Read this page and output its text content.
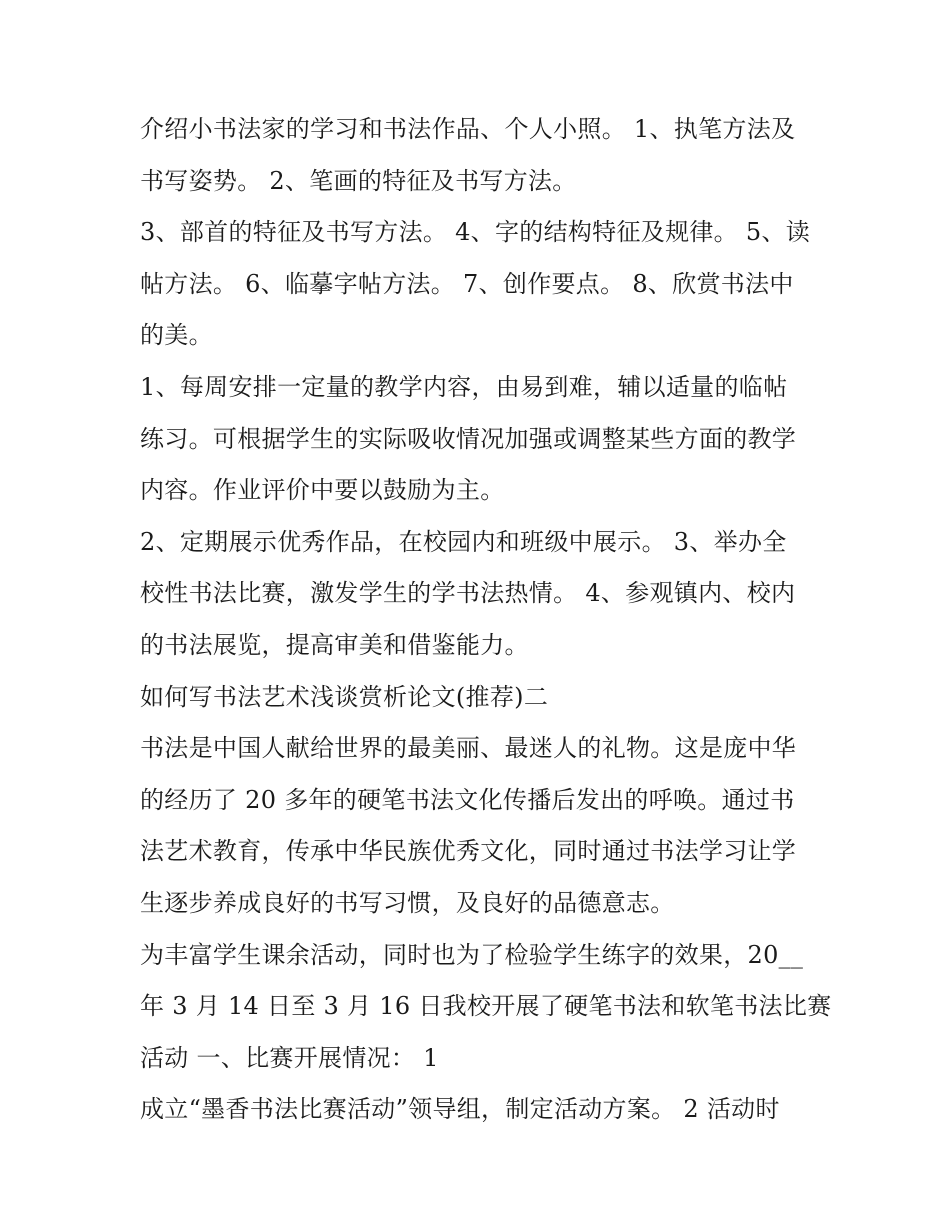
介绍小书法家的学习和书法作品、个人小照。 1、执笔方法及
书写姿势。 2、笔画的特征及书写方法。
3、部首的特征及书写方法。 4、字的结构特征及规律。 5、读
帖方法。 6、临摹字帖方法。 7、创作要点。 8、欣赏书法中
的美。
1、每周安排一定量的教学内容，由易到难，辅以适量的临帖
练习。可根据学生的实际吸收情况加强或调整某些方面的教学
内容。作业评价中要以鼓励为主。
2、定期展示优秀作品，在校园内和班级中展示。 3、举办全
校性书法比赛，激发学生的学书法热情。 4、参观镇内、校内
的书法展览，提高审美和借鉴能力。
如何写书法艺术浅谈赏析论文(推荐)二
书法是中国人献给世界的最美丽、最迷人的礼物。这是庞中华
的经历了 20 多年的硬笔书法文化传播后发出的呼唤。通过书
法艺术教育，传承中华民族优秀文化，同时通过书法学习让学
生逐步养成良好的书写习惯，及良好的品德意志。
为丰富学生课余活动，同时也为了检验学生练字的效果，20__
年 3 月 14 日至 3 月 16 日我校开展了硬笔书法和软笔书法比赛
活动 一、比赛开展情况： 1
成立“墨香书法比赛活动”领导组，制定活动方案。 2 活动时
